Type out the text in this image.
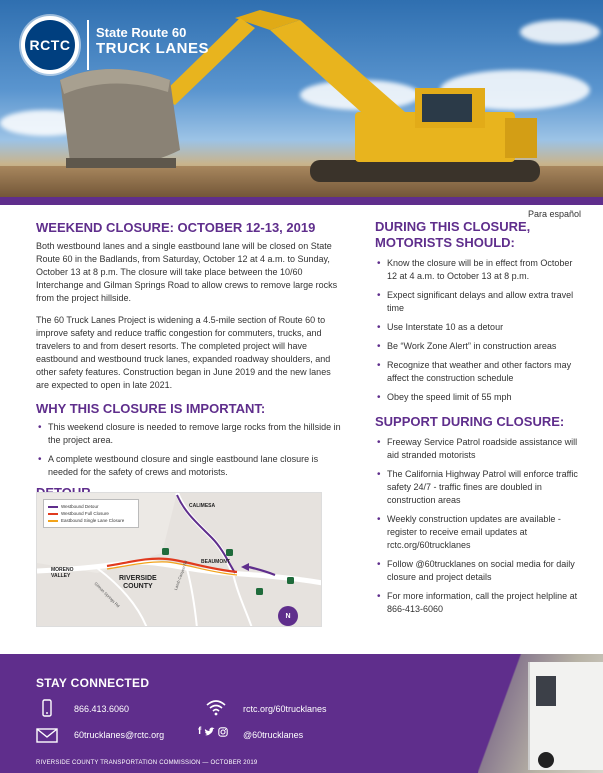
RCTC
State Route 60
TRUCK LANES
Para español
WEEKEND CLOSURE: OCTOBER 12-13, 2019

Both westbound lanes and a single eastbound lane will be closed on State Route 60 in the Badlands, from Saturday, October 12 at 4 a.m. to Sunday, October 13 at 8 p.m. The closure will take place between the 10/60 Interchange and Gilman Springs Road to allow crews to remove large rocks from the project hillside.

The 60 Truck Lanes Project is widening a 4.5-mile section of Route 60 to improve safety and reduce traffic congestion for commuters, trucks, and travelers to and from desert resorts. The completed project will have eastbound and westbound truck lanes, expanded roadway shoulders, and other safety features. Construction began in June 2019 and the new lanes are expected to open in late 2021.

WHY THIS CLOSURE IS IMPORTANT:
• This weekend closure is needed to remove large rocks from the hillside in the project area.
• A complete westbound closure and single eastbound lane closure is needed for the safety of crews and motorists.
Westbound Detour
Westbound Full Closure
Eastbound Single Lane Closure
CALIMESA
MORENO
VALLEY	RIVERSIDE
COUNTY
BEAUMONT
Gilman Springs Rd
Lamb Canyon Rd
N
DURING THIS CLOSURE,
MOTORISTS SHOULD:
• Know the closure will be in effect from October 12 at 4 a.m. to October 13 at 8 p.m.
• Expect significant delays and allow extra travel time
• Use Interstate 10 as a detour
• Be “Work Zone Alert” in construction areas
• Recognize that weather and other factors may affect the construction schedule
• Obey the speed limit of 55 mph
SUPPORT DURING CLOSURE:
• Freeway Service Patrol roadside assistance will aid stranded motorists
• The California Highway Patrol will enforce traffic safety 24/7 - traffic fines are doubled in construction areas
• Weekly construction updates are available - register to receive email updates at rctc.org/60trucklanes
• Follow @60trucklanes on social media for daily closure and project details
• For more information, call the project helpline at 866-413-6060
STAY CONNECTED
866.413.6060
60trucklanes@rctc.org
rctc.org/60trucklanes
f	@60trucklanes
RIVERSIDE COUNTY TRANSPORTATION COMMISSION — OCTOBER 2019
